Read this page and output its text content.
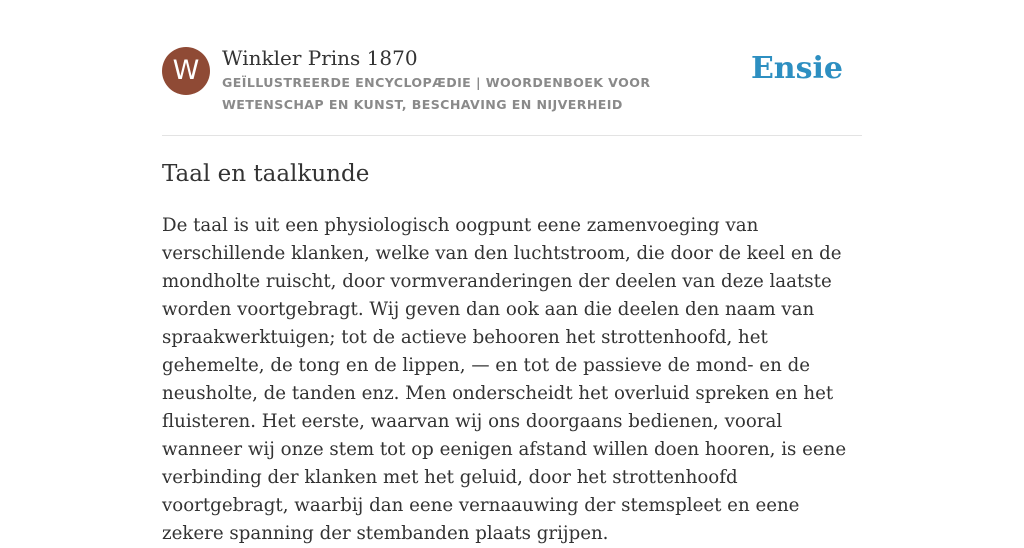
W	Winkler Prins 1870
GEÏLLUSTREERDE ENCYCLOPÆDIE | WOORDENBOEK VOOR WETENSCHAP EN KUNST, BESCHAVING EN NIJVERHEID
Ensie
Taal en taalkunde

De taal is uit een physiologisch oogpunt eene zamenvoeging van verschillende klanken, welke van den luchtstroom, die door de keel en de mondholte ruischt, door vormveranderingen der deelen van deze laatste worden voortgebragt. Wij geven dan ook aan die deelen den naam van spraakwerktuigen; tot de actieve behooren het strottenhoofd, het gehemelte, de tong en de lippen, — en tot de passieve de mond- en de neusholte, de tanden enz. Men onderscheidt het overluid spreken en het fluisteren. Het eerste, waarvan wij ons doorgaans bedienen, vooral wanneer wij onze stem tot op eenigen afstand willen doen hooren, is eene verbinding der klanken met het geluid, door het strottenhoofd voortgebragt, waarbij dan eene vernaauwing der stemspleet en eene zekere spanning der stembanden plaats grijpen.
